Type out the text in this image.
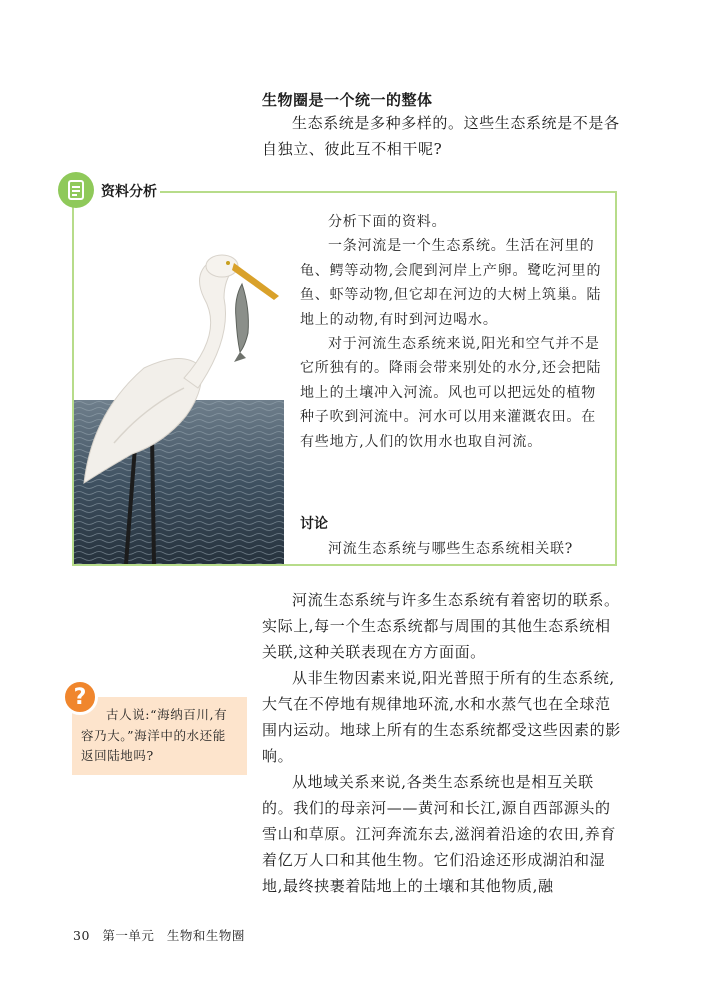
生物圈是一个统一的整体

生态系统是多种多样的。这些生态系统是不是各自独立、彼此互不相干呢?

资料分析

分析下面的资料。

一条河流是一个生态系统。生活在河里的龟、鳄等动物,会爬到河岸上产卵。鹭吃河里的鱼、虾等动物,但它却在河边的大树上筑巢。陆地上的动物,有时到河边喝水。

对于河流生态系统来说,阳光和空气并不是它所独有的。降雨会带来别处的水分,还会把陆地上的土壤冲入河流。风也可以把远处的植物种子吹到河流中。河水可以用来灌溉农田。在有些地方,人们的饮用水也取自河流。

讨论
河流生态系统与哪些生态系统相关联?

河流生态系统与许多生态系统有着密切的联系。实际上,每一个生态系统都与周围的其他生态系统相关联,这种关联表现在方方面面。

从非生物因素来说,阳光普照于所有的生态系统,大气在不停地有规律地环流,水和水蒸气也在全球范围内运动。地球上所有的生态系统都受这些因素的影响。

从地域关系来说,各类生态系统也是相互关联的。我们的母亲河——黄河和长江,源自西部源头的雪山和草原。江河奔流东去,滋润着沿途的农田,养育着亿万人口和其他生物。它们沿途还形成湖泊和湿地,最终挟裹着陆地上的土壤和其他物质,融

古人说:“海纳百川,有容乃大。”海洋中的水还能返回陆地吗?

?
30 第一单元 生物和生物圈
